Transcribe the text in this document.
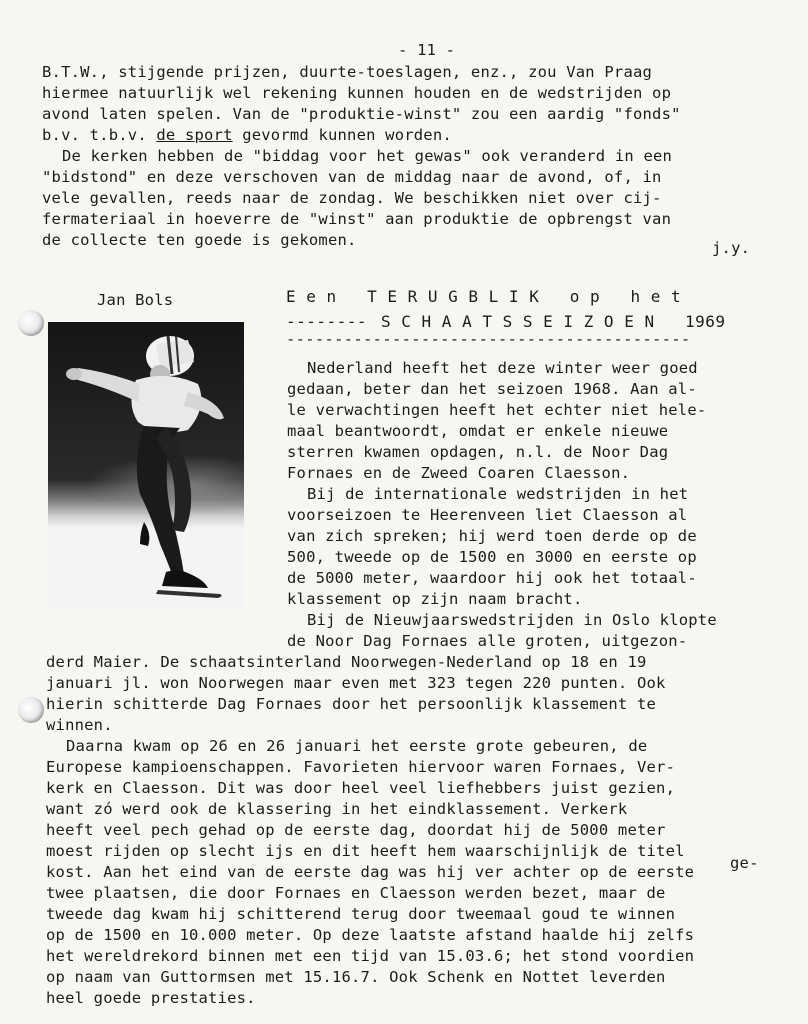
- 11 -
B.T.W., stijgende prijzen, duurte-toeslagen, enz., zou Van Praag
hiermee natuurlijk wel rekening kunnen houden en de wedstrijden op
avond laten spelen. Van de "produktie-winst" zou een aardig "fonds"
b.v. t.b.v. de sport gevormd kunnen worden.
De kerken hebben de "biddag voor het gewas" ook veranderd in een
"bidstond" en deze verschoven van de middag naar de avond, of, in
vele gevallen, reeds naar de zondag. We beschikken niet over cij-
fermateriaal in hoeverre de "winst" aan produktie de opbrengst van
de collecte ten goede is gekomen.	j.y.
Jan Bols	E e n   T E R U G B L I K   o p   h e t
-------- S C H A A T S S E I Z O E N   1969
------------------------------------------
Nederland heeft het deze winter weer goed
gedaan, beter dan het seizoen 1968. Aan al-
le verwachtingen heeft het echter niet hele-
maal beantwoordt, omdat er enkele nieuwe
sterren kwamen opdagen, n.l. de Noor Dag
Fornaes en de Zweed Coaren Claesson.
Bij de internationale wedstrijden in het
voorseizoen te Heerenveen liet Claesson al
van zich spreken; hij werd toen derde op de
500, tweede op de 1500 en 3000 en eerste op
de 5000 meter, waardoor hij ook het totaal-
klassement op zijn naam bracht.
Bij de Nieuwjaarswedstrijden in Oslo klopte
de Noor Dag Fornaes alle groten, uitgezon-
derd Maier. De schaatsinterland Noorwegen-Nederland op 18 en 19
januari jl. won Noorwegen maar even met 323 tegen 220 punten. Ook
hierin schitterde Dag Fornaes door het persoonlijk klassement te
winnen.
Daarna kwam op 26 en 26 januari het eerste grote gebeuren, de
Europese kampioenschappen. Favorieten hiervoor waren Fornaes, Ver-
kerk en Claesson. Dit was door heel veel liefhebbers juist gezien,
want zó werd ook de klassering in het eindklassement. Verkerk
heeft veel pech gehad op de eerste dag, doordat hij de 5000 meter
moest rijden op slecht ijs en dit heeft hem waarschijnlijk de titel
ge-
kost. Aan het eind van de eerste dag was hij ver achter op de eerste
twee plaatsen, die door Fornaes en Claesson werden bezet, maar de
tweede dag kwam hij schitterend terug door tweemaal goud te winnen
op de 1500 en 10.000 meter. Op deze laatste afstand haalde hij zelfs
het wereldrekord binnen met een tijd van 15.03.6; het stond voordien
op naam van Guttormsen met 15.16.7. Ook Schenk en Nottet leverden
heel goede prestaties.
